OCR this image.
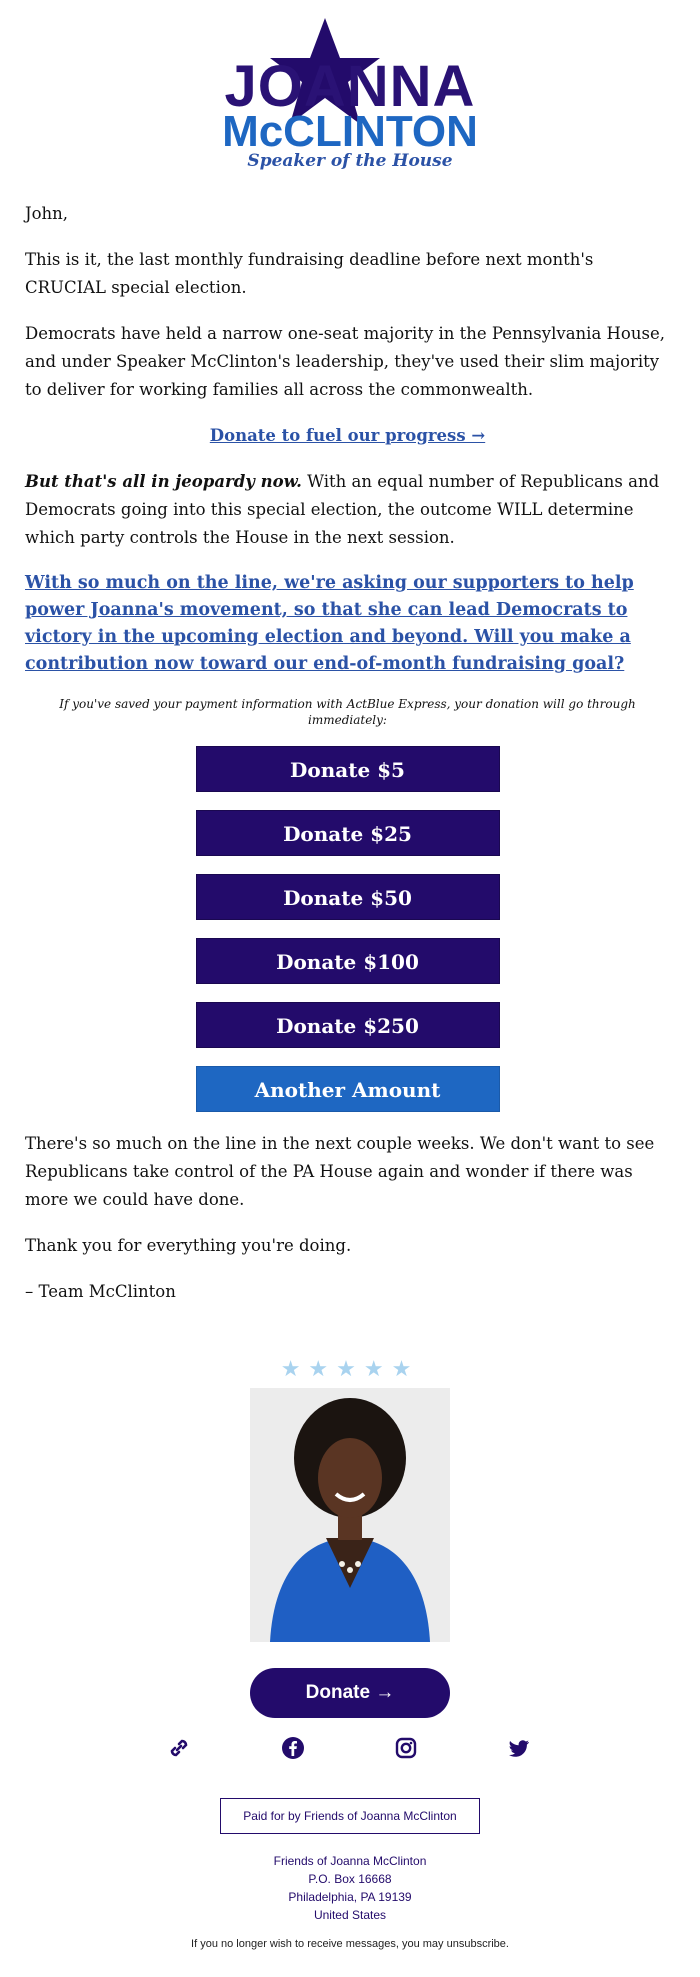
JOANNA
McCLINTON
Speaker of the House

John,

This is it, the last monthly fundraising deadline before next month's CRUCIAL special election.

Democrats have held a narrow one-seat majority in the Pennsylvania House, and under Speaker McClinton's leadership, they've used their slim majority to deliver for working families all across the commonwealth.

Donate to fuel our progress →

But that's all in jeopardy now. With an equal number of Republicans and Democrats going into this special election, the outcome WILL determine which party controls the House in the next session.

With so much on the line, we're asking our supporters to help power Joanna's movement, so that she can lead Democrats to victory in the upcoming election and beyond. Will you make a contribution now toward our end-of-month fundraising goal?

If you've saved your payment information with ActBlue Express, your donation will go through immediately:
Donate $5
Donate $25
Donate $50
Donate $100
Donate $250
Another Amount

There's so much on the line in the next couple weeks. We don't want to see Republicans take control of the PA House again and wonder if there was more we could have done.

Thank you for everything you're doing.

– Team McClinton

★★★★★
Donate →
Paid for by Friends of Joanna McClinton
Friends of Joanna McClinton
P.O. Box 16668
Philadelphia, PA 19139
United States
If you no longer wish to receive messages, you may unsubscribe.
